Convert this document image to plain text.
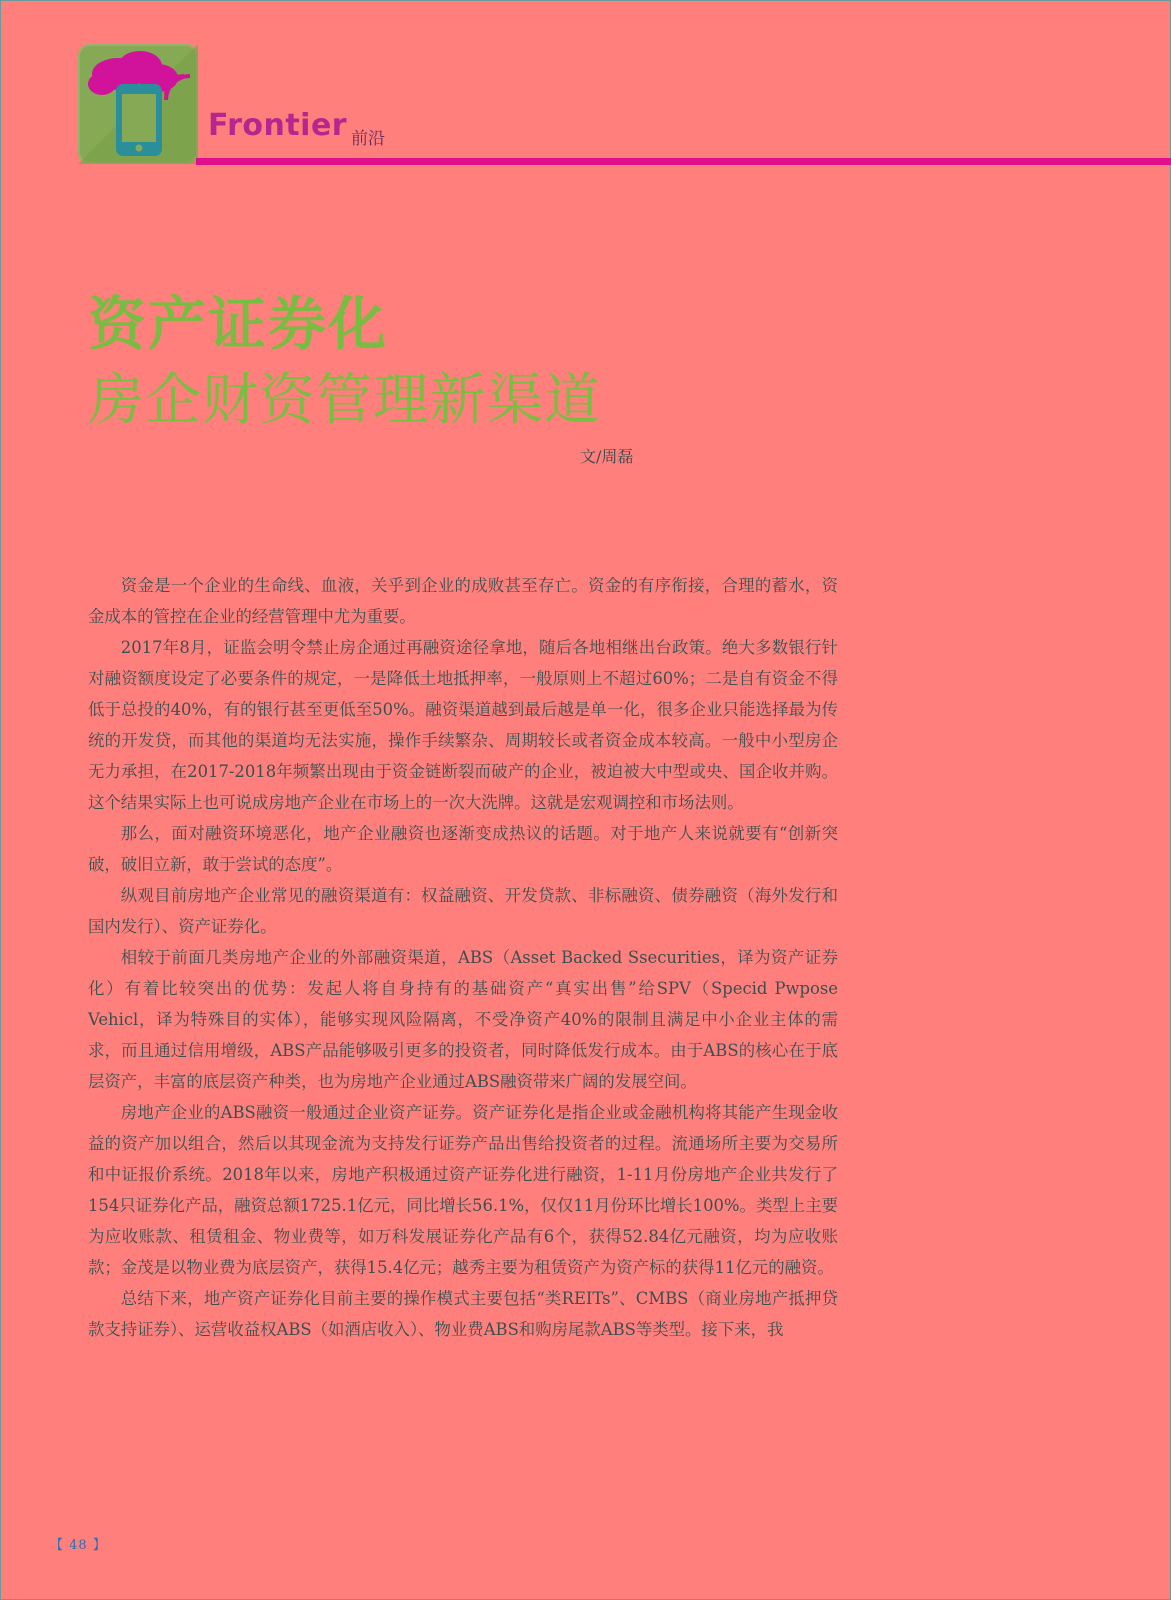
Frontier 前沿
资产证券化
房企财资管理新渠道
文/周磊

资金是一个企业的生命线、血液，关乎到企业的成败甚至存亡。资金的有序衔接，合理的蓄水，资金成本的管控在企业的经营管理中尤为重要。

2017年8月，证监会明令禁止房企通过再融资途径拿地，随后各地相继出台政策。绝大多数银行针对融资额度设定了必要条件的规定，一是降低土地抵押率，一般原则上不超过60%；二是自有资金不得低于总投的40%，有的银行甚至更低至50%。融资渠道越到最后越是单一化，很多企业只能选择最为传统的开发贷，而其他的渠道均无法实施，操作手续繁杂、周期较长或者资金成本较高。一般中小型房企无力承担，在2017-2018年频繁出现由于资金链断裂而破产的企业，被迫被大中型或央、国企收并购。这个结果实际上也可说成房地产企业在市场上的一次大洗牌。这就是宏观调控和市场法则。

那么，面对融资环境恶化，地产企业融资也逐渐变成热议的话题。对于地产人来说就要有“创新突破，破旧立新，敢于尝试的态度”。

纵观目前房地产企业常见的融资渠道有：权益融资、开发贷款、非标融资、债券融资（海外发行和国内发行）、资产证券化。

相较于前面几类房地产企业的外部融资渠道，ABS（Asset Backed Ssecurities，译为资产证券化）有着比较突出的优势：发起人将自身持有的基础资产“真实出售”给SPV（Specid Pwpose Vehicl，译为特殊目的实体），能够实现风险隔离，不受净资产40%的限制且满足中小企业主体的需求，而且通过信用增级，ABS产品能够吸引更多的投资者，同时降低发行成本。由于ABS的核心在于底层资产，丰富的底层资产种类，也为房地产企业通过ABS融资带来广阔的发展空间。

房地产企业的ABS融资一般通过企业资产证券。资产证券化是指企业或金融机构将其能产生现金收益的资产加以组合，然后以其现金流为支持发行证券产品出售给投资者的过程。流通场所主要为交易所和中证报价系统。2018年以来，房地产积极通过资产证券化进行融资，1-11月份房地产企业共发行了154只证券化产品，融资总额1725.1亿元，同比增长56.1%，仅仅11月份环比增长100%。类型上主要为应收账款、租赁租金、物业费等，如万科发展证券化产品有6个，获得52.84亿元融资，均为应收账款；金茂是以物业费为底层资产，获得15.4亿元；越秀主要为租赁资产为资产标的获得11亿元的融资。

总结下来，地产资产证券化目前主要的操作模式主要包括“类REITs”、CMBS（商业房地产抵押贷款支持证券）、运营收益权ABS（如酒店收入）、物业费ABS和购房尾款ABS等类型。接下来，我

【 48 】
